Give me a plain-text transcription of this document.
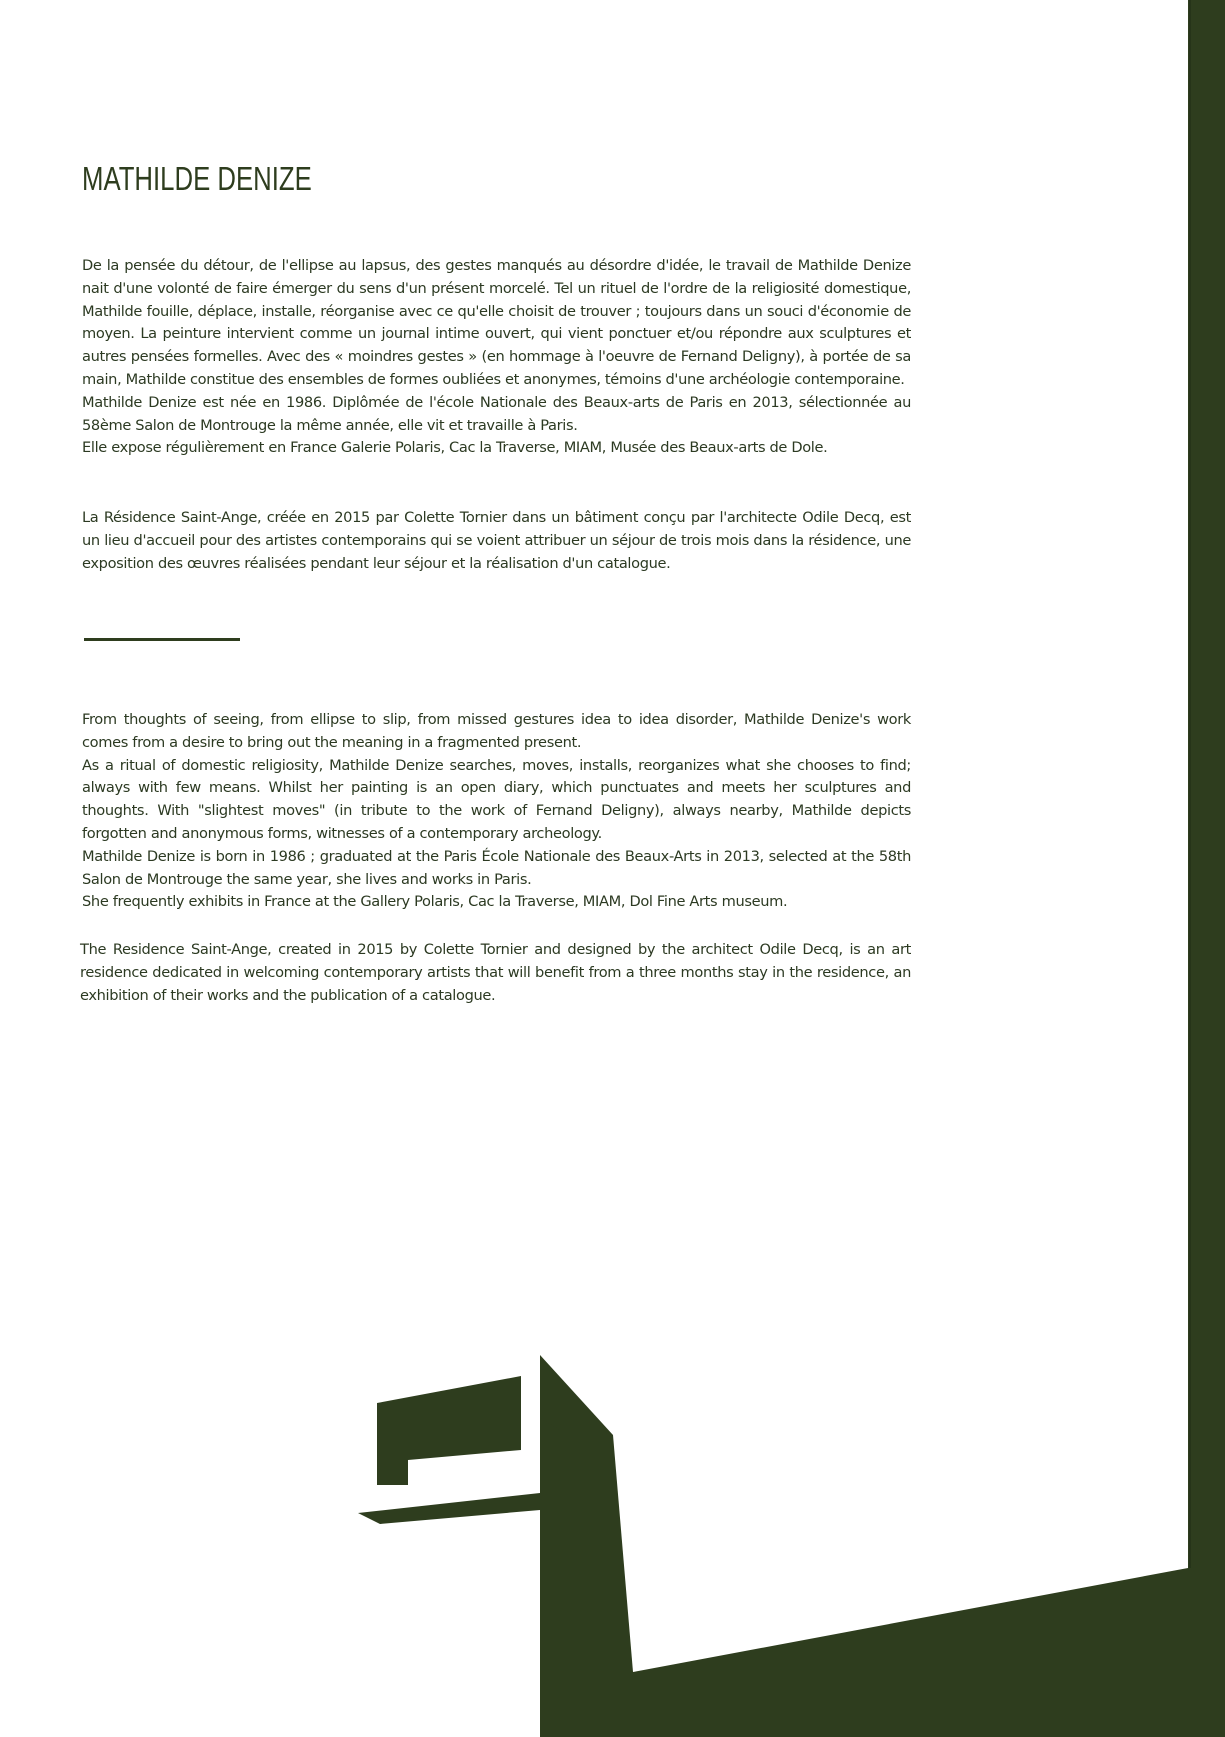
MATHILDE DENIZE

De la pensée du détour, de l'ellipse au lapsus, des gestes manqués au désordre d'idée, le travail de Mathilde Denize nait d'une volonté de faire émerger du sens d'un présent morcelé. Tel un rituel de l'ordre de la religiosité domestique, Mathilde fouille, déplace, installe, réorganise avec ce qu'elle choisit de trouver ; toujours dans un souci d'économie de moyen. La peinture intervient comme un journal intime ouvert, qui vient ponctuer et/ou répondre aux sculptures et autres pensées formelles. Avec des « moindres gestes » (en hommage à l'oeuvre de Fernand Deligny), à portée de sa main, Mathilde constitue des ensembles de formes oubliées et anonymes, témoins d'une archéologie contemporaine.

Mathilde Denize est née en 1986. Diplômée de l'école Nationale des Beaux-arts de Paris en 2013, sélectionnée au 58ème Salon de Montrouge la même année, elle vit et travaille à Paris.

Elle expose régulièrement en France Galerie Polaris, Cac la Traverse, MIAM, Musée des Beaux-arts de Dole.

La Résidence Saint-Ange, créée en 2015 par Colette Tornier dans un bâtiment conçu par l'architecte Odile Decq, est un lieu d'accueil pour des artistes contemporains qui se voient attribuer un séjour de trois mois dans la résidence, une exposition des œuvres réalisées pendant leur séjour et la réalisation d'un catalogue.

From thoughts of seeing, from ellipse to slip, from missed gestures idea to idea disorder, Mathilde Denize's work comes from a desire to bring out the meaning in a fragmented present.

As a ritual of domestic religiosity, Mathilde Denize searches, moves, installs, reorganizes what she chooses to find; always with few means. Whilst her painting is an open diary, which punctuates and meets her sculptures and thoughts. With "slightest moves" (in tribute to the work of Fernand Deligny), always nearby, Mathilde depicts forgotten and anonymous forms, witnesses of a contemporary archeology.

Mathilde Denize is born in 1986 ; graduated at the Paris École Nationale des Beaux-Arts in 2013, selected at the 58th Salon de Montrouge the same year, she lives and works in Paris.

She frequently exhibits in France at the Gallery Polaris, Cac la Traverse, MIAM, Dol Fine Arts museum.

The Residence Saint-Ange, created in 2015 by Colette Tornier and designed by the architect Odile Decq, is an art residence dedicated in welcoming contemporary artists that will benefit from a three months stay in the residence, an exhibition of their works and the publication of a catalogue.
